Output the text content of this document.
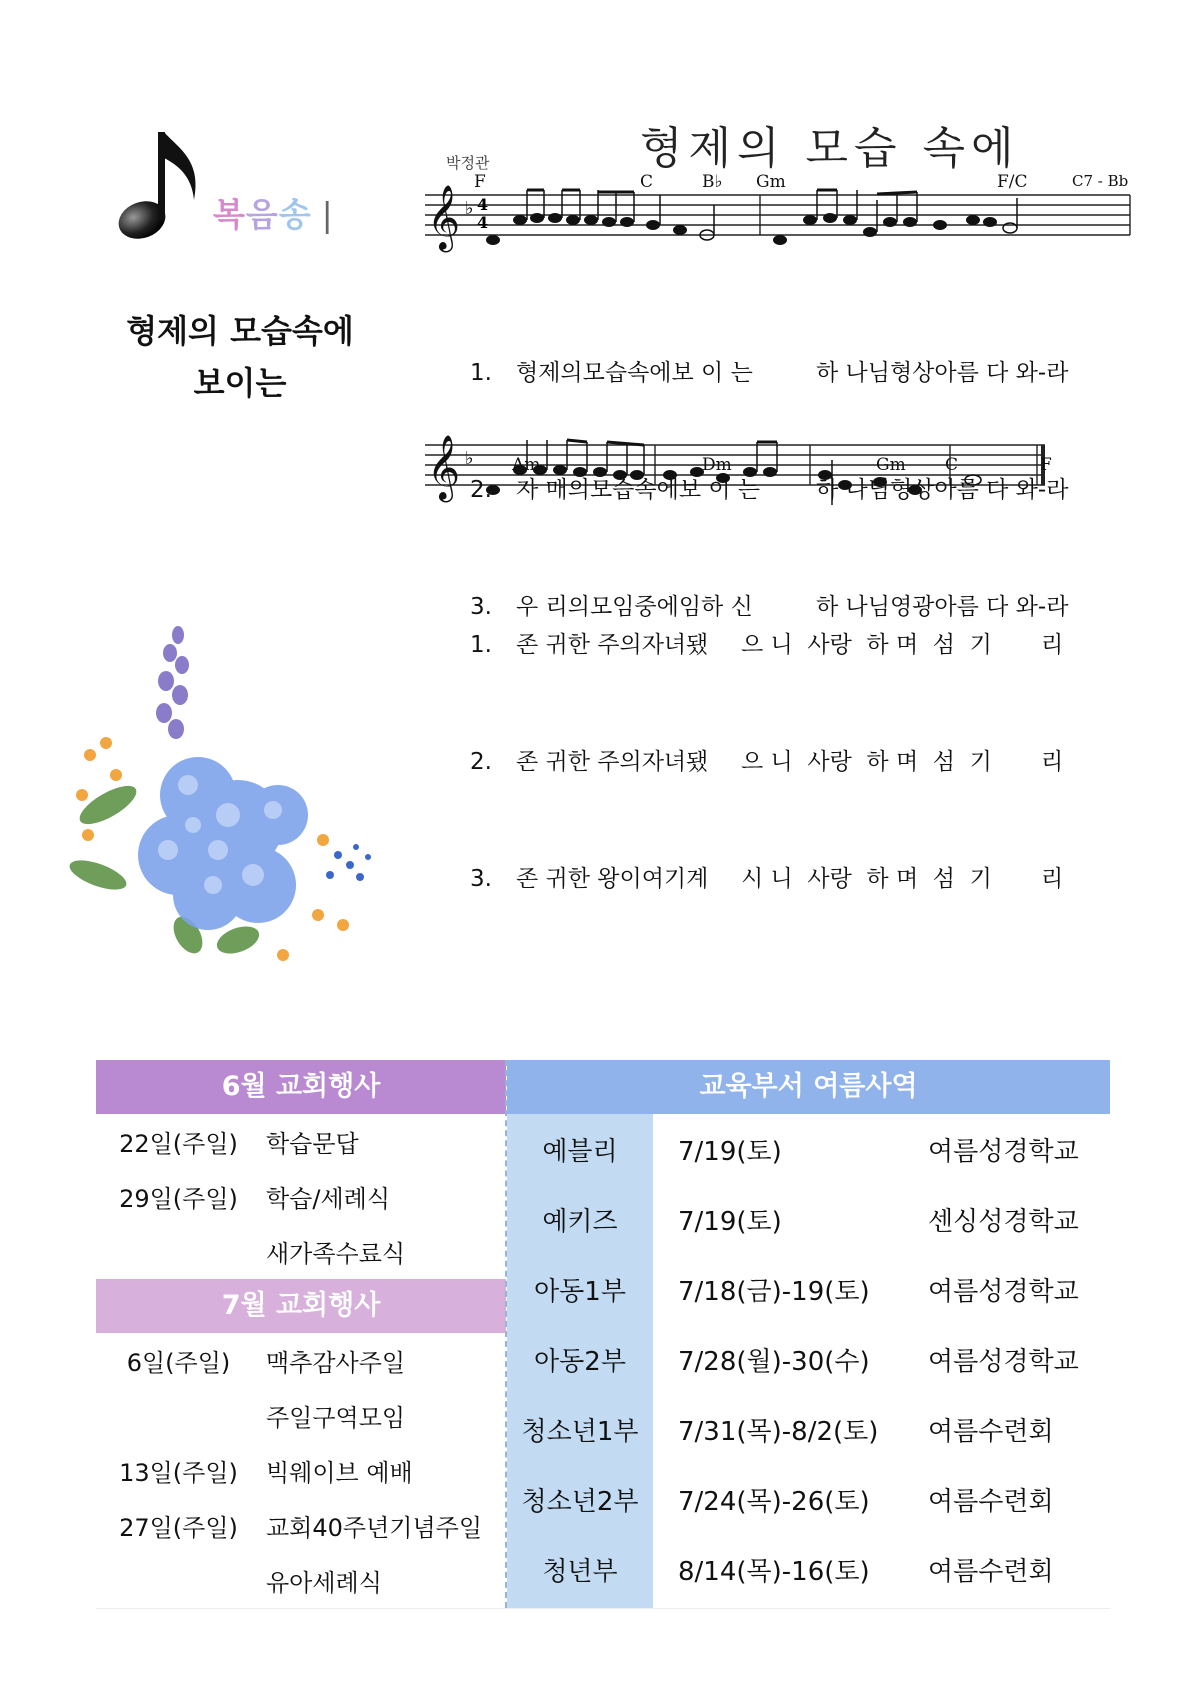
복음송 |
형제의 모습속에
보이는
형제의 모습 속에
박정관
𝄞 ♭ 4
4
𝄞 ♭
F	C	B♭ Gm	F/C	C7 - Bb

1. 형제의모습속에보 이 는	하 나님형상아름 다 와-라

2. 자 매의모습속에보 이 는 하 나님형상아름 다 와-라

3. 우 리의모임중에임하 신	하 나님영광아름 다 와-라

Am	Dm	Gm C	F

1. 존 귀한 주의자녀됐 으 니  사랑  하 며  섬  기 리

2. 존 귀한 주의자녀됐 으 니  사랑  하 며  섬  기 리

3. 존 귀한 왕이여기계 시 니  사랑  하 며  섬  기 리

6월 교회행사
22일(주일)	학습문답
29일(주일)	학습/세례식
새가족수료식
7월 교회행사
6일(주일)	맥추감사주일
주일구역모임
13일(주일)	빅웨이브 예배
27일(주일)	교회40주년기념주일
유아세례식
교육부서 여름사역
예블리	7/19(토)	여름성경학교
예키즈	7/19(토)	센싱성경학교
아동1부	7/18(금)-19(토)	여름성경학교
아동2부	7/28(월)-30(수)	여름성경학교
청소년1부	7/31(목)-8/2(토)	여름수련회
청소년2부	7/24(목)-26(토)	여름수련회
청년부	8/14(목)-16(토)	여름수련회
